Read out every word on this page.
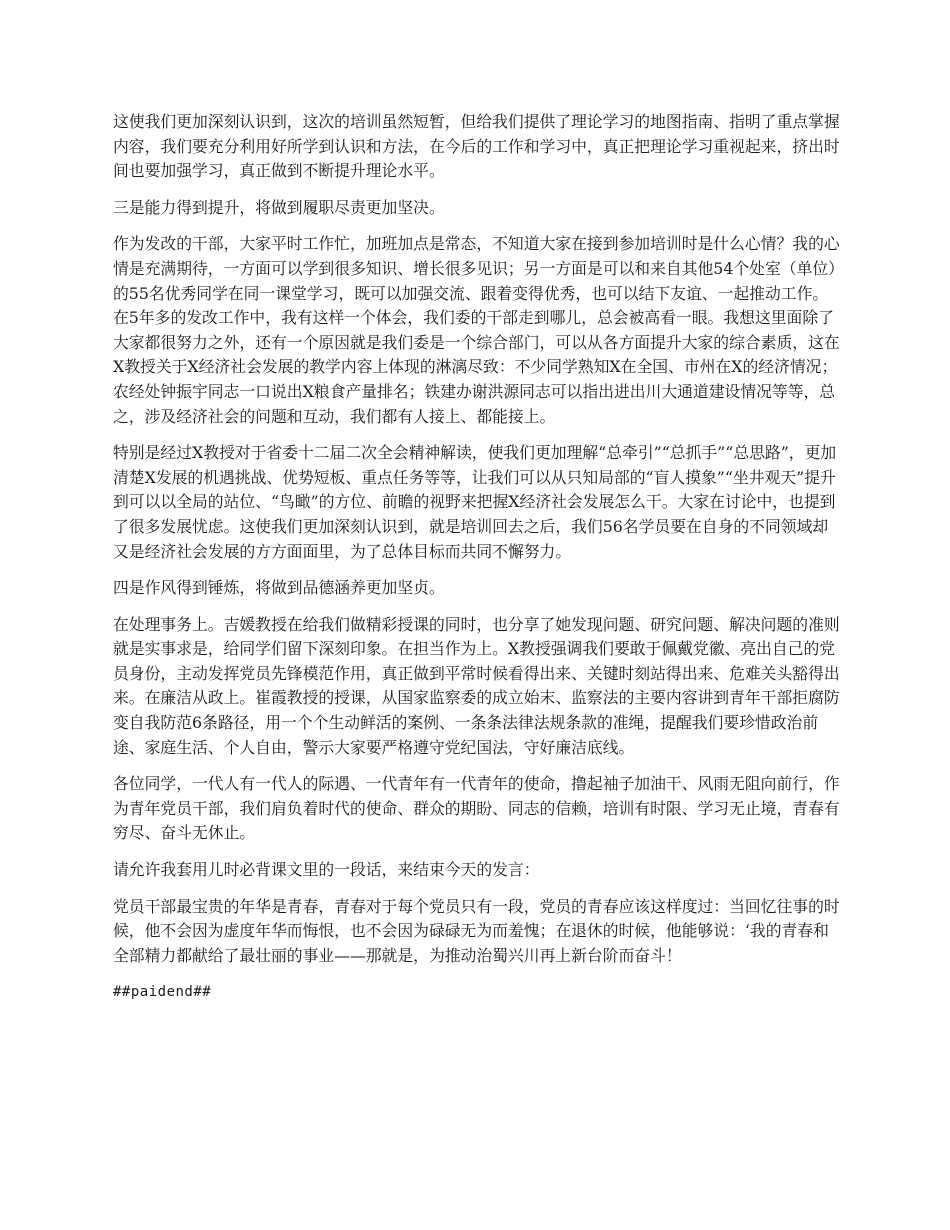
这使我们更加深刻认识到，这次的培训虽然短暂，但给我们提供了理论学习的地图指南、指明了重点掌握内容，我们要充分利用好所学到认识和方法，在今后的工作和学习中，真正把理论学习重视起来，挤出时间也要加强学习，真正做到不断提升理论水平。

三是能力得到提升，将做到履职尽责更加坚决。

作为发改的干部，大家平时工作忙，加班加点是常态，不知道大家在接到参加培训时是什么心情？我的心情是充满期待，一方面可以学到很多知识、增长很多见识；另一方面是可以和来自其他54个处室（单位）的55名优秀同学在同一课堂学习，既可以加强交流、跟着变得优秀，也可以结下友谊、一起推动工作。在5年多的发改工作中，我有这样一个体会，我们委的干部走到哪儿，总会被高看一眼。我想这里面除了大家都很努力之外，还有一个原因就是我们委是一个综合部门，可以从各方面提升大家的综合素质，这在X教授关于X经济社会发展的教学内容上体现的淋漓尽致：不少同学熟知X在全国、市州在X的经济情况；农经处钟振宇同志一口说出X粮食产量排名；铁建办谢洪源同志可以指出进出川大通道建设情况等等，总之，涉及经济社会的问题和互动，我们都有人接上、都能接上。

特别是经过X教授对于省委十二届二次全会精神解读，使我们更加理解“总牵引”“总抓手”“总思路”，更加清楚X发展的机遇挑战、优势短板、重点任务等等，让我们可以从只知局部的“盲人摸象”“坐井观天”提升到可以以全局的站位、“鸟瞰”的方位、前瞻的视野来把握X经济社会发展怎么干。大家在讨论中，也提到了很多发展忧虑。这使我们更加深刻认识到，就是培训回去之后，我们56名学员要在自身的不同领域却又是经济社会发展的方方面面里，为了总体目标而共同不懈努力。

四是作风得到锤炼，将做到品德涵养更加坚贞。

在处理事务上。吉媛教授在给我们做精彩授课的同时，也分享了她发现问题、研究问题、解决问题的准则就是实事求是，给同学们留下深刻印象。在担当作为上。X教授强调我们要敢于佩戴党徽、亮出自己的党员身份，主动发挥党员先锋模范作用，真正做到平常时候看得出来、关键时刻站得出来、危难关头豁得出来。在廉洁从政上。崔霞教授的授课，从国家监察委的成立始末、监察法的主要内容讲到青年干部拒腐防变自我防范6条路径，用一个个生动鲜活的案例、一条条法律法规条款的准绳，提醒我们要珍惜政治前途、家庭生活、个人自由，警示大家要严格遵守党纪国法，守好廉洁底线。

各位同学，一代人有一代人的际遇、一代青年有一代青年的使命，撸起袖子加油干、风雨无阻向前行，作为青年党员干部，我们肩负着时代的使命、群众的期盼、同志的信赖，培训有时限、学习无止境，青春有穷尽、奋斗无休止。

请允许我套用儿时必背课文里的一段话，来结束今天的发言：

党员干部最宝贵的年华是青春，青春对于每个党员只有一段，党员的青春应该这样度过：当回忆往事的时候，他不会因为虚度年华而悔恨，也不会因为碌碌无为而羞愧；在退休的时候，他能够说：‘我的青春和全部精力都献给了最壮丽的事业——那就是，为推动治蜀兴川再上新台阶而奋斗！

##paidend##
